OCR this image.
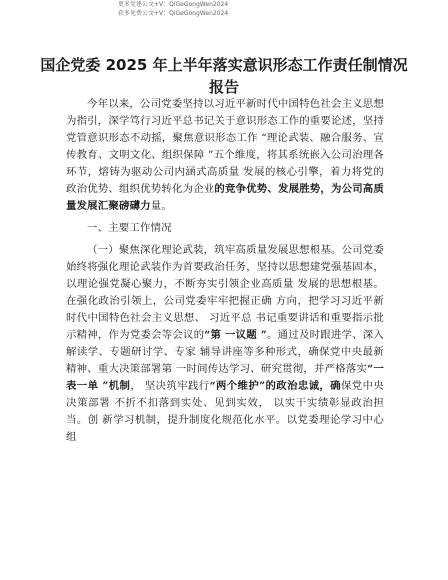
更多党建公文+V：QiGeGongWen2024
获多免费公文+V：QiGeGongWen2024
国企党委 2025 年上半年落实意识形态工作责任制情况报告

今年以来，公司党委坚持以习近平新时代中国特色社会主义思想为指引，深学笃行习近平总书记关于意识形态工作的重要论述，坚持党管意识形态不动摇，聚焦意识形态工作 “理论武装、融合服务、宣传教育、文明文化、组织保障 ”五个维度，将其系统嵌入公司治理各环节，熔铸为驱动公司内涵式高质量 发展的核心引擎，着力将党的政治优势、组织优势转化为企业的竞争优势、发展胜势，为公司高质量发展汇聚磅礴力量。

一、主要工作情况

（一）聚焦深化理论武装，筑牢高质量发展思想根基。公司党委始终将强化理论武装作为首要政治任务，坚持以思想建党强基固本， 以理论强党凝心聚力，不断夯实引领企业高质量 发展的思想根基。在强化政治引领上，公司党委牢牢把握正确 方向，把学习习近平新时代中国特色社会主义思想、 习近平总 书记重要讲话和重要指示批示精神，作为党委会等会议的“第 一议题 ”。通过及时跟进学、深入解读学、专题研讨学、专家 辅导讲座等多种形式，确保党中央最新精神、重大决策部署第 一时间传达学习、研究贯彻，并严格落实“一表一单 ”机制， 坚决筑牢践行“两个维护”的政治忠诚，确保党中央决策部署 不折不扣落到实处、见到实效， 以实干实绩彰显政治担当。创 新学习机制，提升制度化规范化水平。以党委理论学习中心组
